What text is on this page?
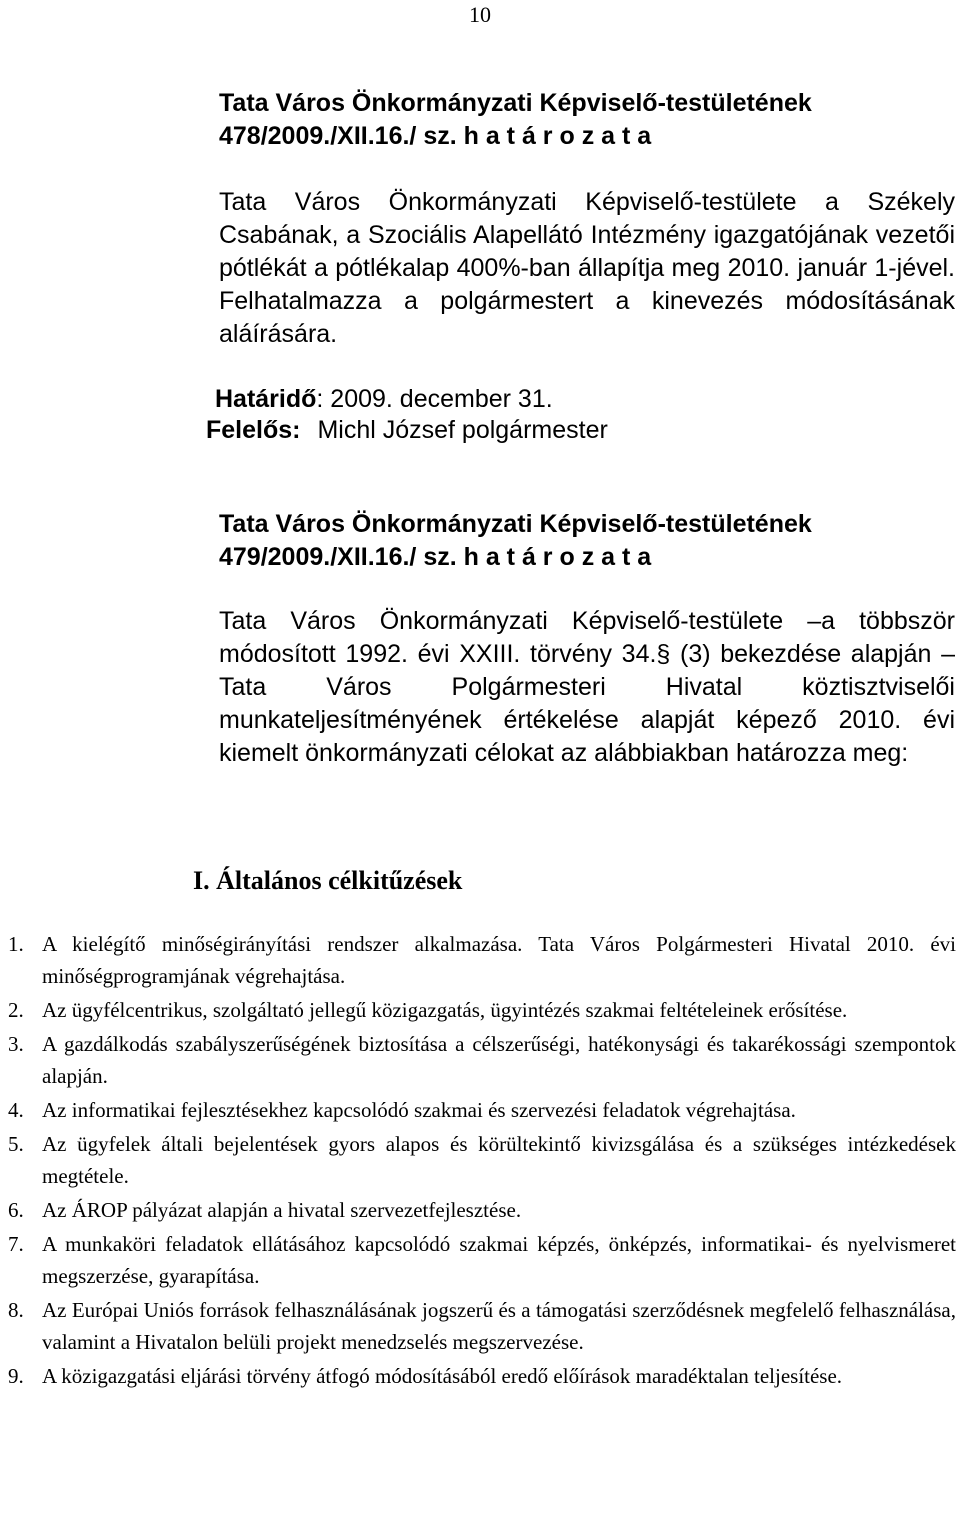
10

Tata Város Önkormányzati Képviselő-testületének

478/2009./XII.16./ sz. h a t á r o z a t a

Tata Város Önkormányzati Képviselő-testülete a Székely Csabának, a Szociális Alapellátó Intézmény igazgatójának vezetői pótlékát a pótlékalap 400%-ban állapítja meg 2010. január 1-jével. Felhatalmazza a polgármestert a kinevezés módosításának aláírására.

Határidő: 2009. december 31.
Felelős: Michl József polgármester

Tata Város Önkormányzati Képviselő-testületének

479/2009./XII.16./ sz. h a t á r o z a t a

Tata Város Önkormányzati Képviselő-testülete –a többször módosított 1992. évi XXIII. törvény 34.§ (3) bekezdése alapján –Tata Város Polgármesteri Hivatal köztisztviselői munkateljesítményének értékelése alapját képező 2010. évi kiemelt önkormányzati célokat az alábbiakban határozza meg:

I. Általános célkitűzések
1. A kielégítő minőségirányítási rendszer alkalmazása. Tata Város Polgármesteri Hivatal 2010. évi minőségprogramjának végrehajtása.
2. Az ügyfélcentrikus, szolgáltató jellegű közigazgatás, ügyintézés szakmai feltételeinek erősítése.
3. A gazdálkodás szabályszerűségének biztosítása a célszerűségi, hatékonysági és takarékossági szempontok alapján.
4. Az informatikai fejlesztésekhez kapcsolódó szakmai és szervezési feladatok végrehajtása.
5. Az ügyfelek általi bejelentések gyors alapos és körültekintő kivizsgálása és a szükséges intézkedések megtétele.
6. Az ÁROP pályázat alapján a hivatal szervezetfejlesztése.
7. A munkaköri feladatok ellátásához kapcsolódó szakmai képzés, önképzés, informatikai- és nyelvismeret megszerzése, gyarapítása.
8. Az Európai Uniós források felhasználásának jogszerű és a támogatási szerződésnek megfelelő felhasználása, valamint a Hivatalon belüli projekt menedzselés megszervezése.
9. A közigazgatási eljárási törvény átfogó módosításából eredő előírások maradéktalan teljesítése.
